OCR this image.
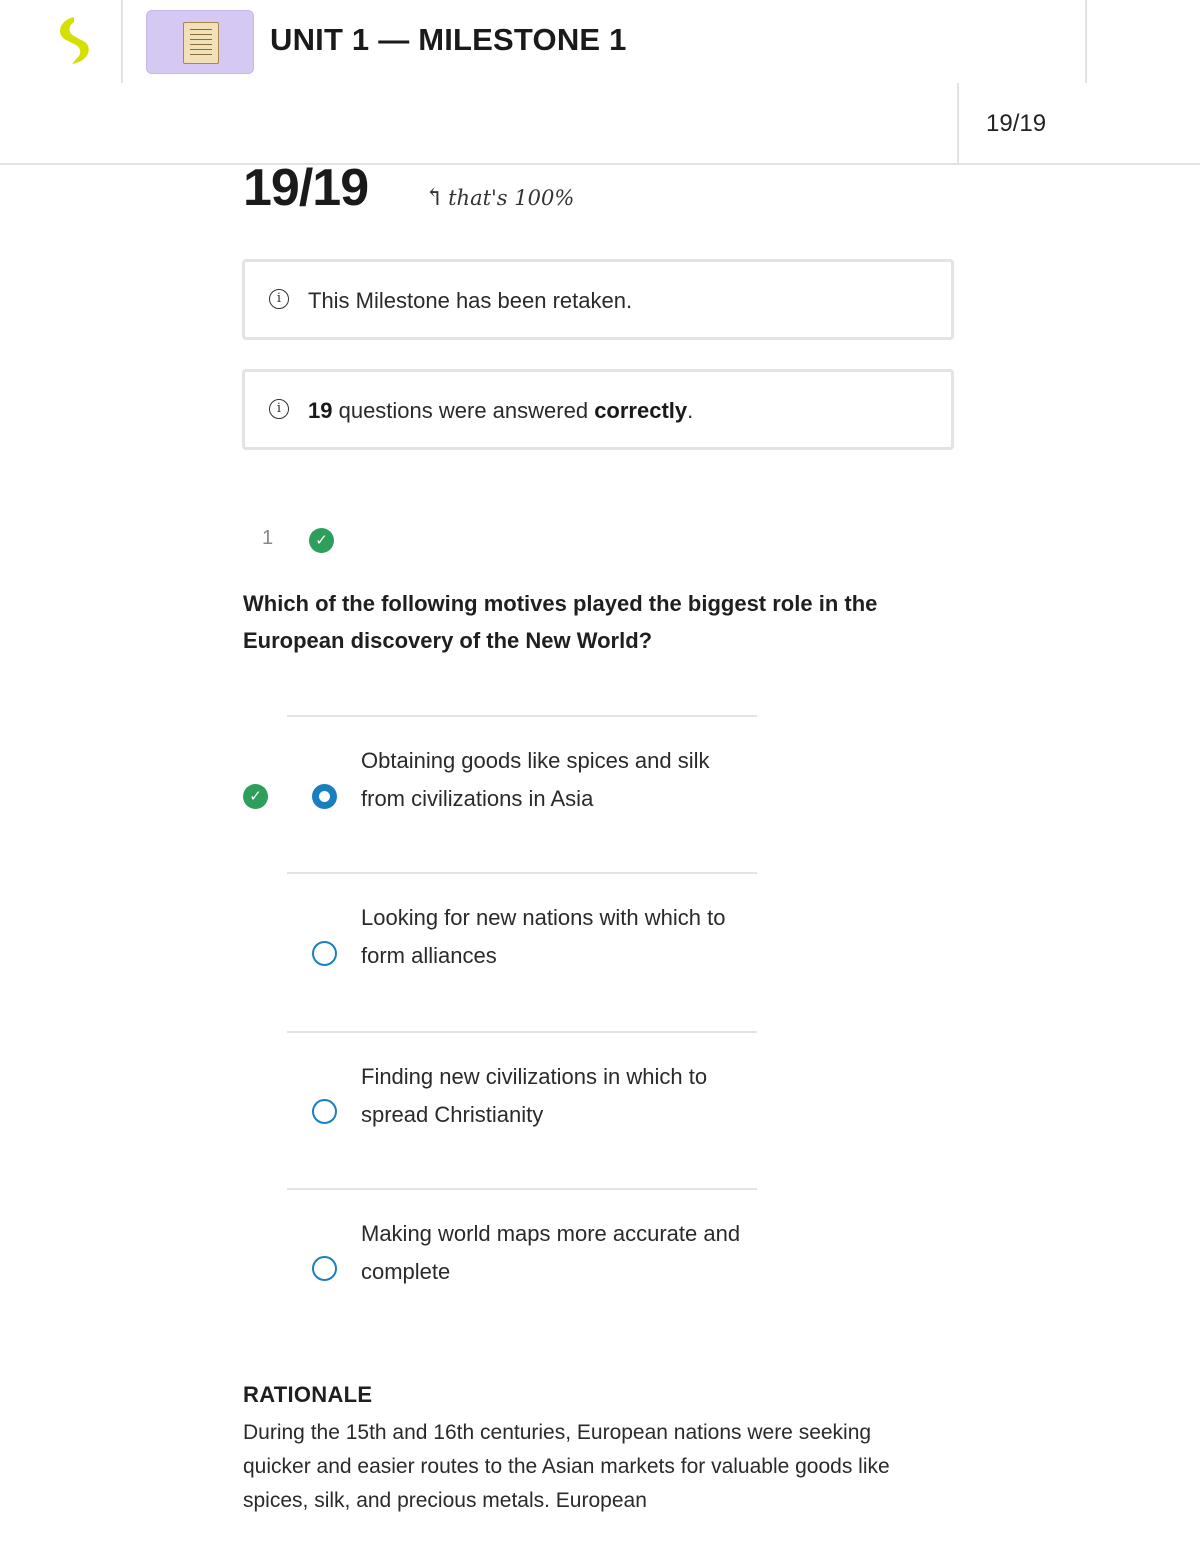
UNIT 1 — MILESTONE 1
19/19
19/19 ↰ that's 100%
i	This Milestone has been retaken.
i	19 questions were answered correctly.
1	✓
Which of the following motives played the biggest role in the European discovery of the New World?
✓
Obtaining goods like spices and silk from civilizations in Asia
Looking for new nations with which to form alliances
Finding new civilizations in which to spread Christianity
Making world maps more accurate and complete
RATIONALE
During the 15th and 16th centuries, European nations were seeking quicker and easier routes to the Asian markets for valuable goods like spices, silk, and precious metals. European
